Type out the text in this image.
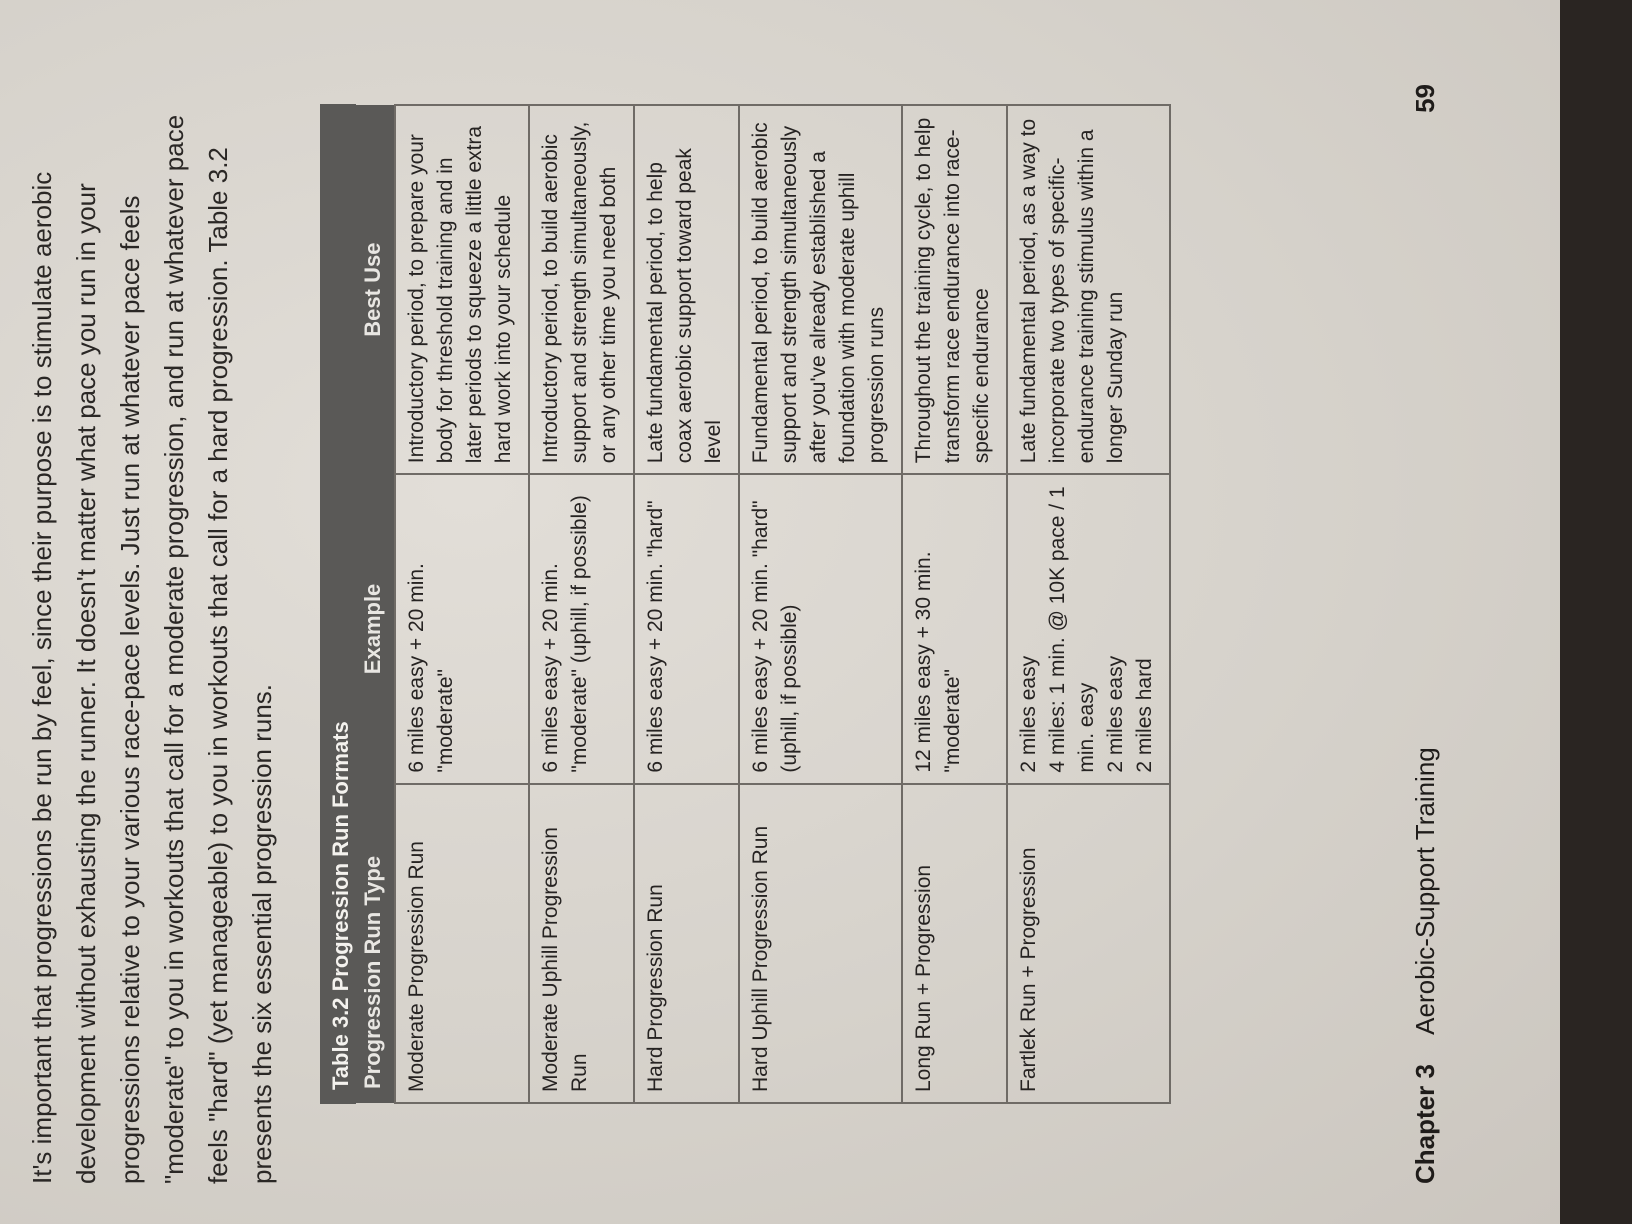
It's important that progressions be run by feel, since their purpose is to stimulate aerobic development without exhausting the runner. It doesn't matter what pace you run in your progressions relative to your various race-pace levels. Just run at whatever pace feels "moderate" to you in workouts that call for a moderate progression, and run at whatever pace feels "hard" (yet manageable) to you in workouts that call for a hard progression. Table 3.2 presents the six essential progression runs.	Table 3.2 Progression Run Formats Progression Run Type	Example	Best Use
Moderate Progression Run	6 miles easy + 20 min. "moderate"	Introductory period, to prepare your body for threshold training and in later periods to squeeze a little extra hard work into your schedule
Moderate Uphill Progression Run	6 miles easy + 20 min. "moderate" (uphill, if possible)	Introductory period, to build aerobic support and strength simultaneously, or any other time you need both
Hard Progression Run	6 miles easy + 20 min. "hard"	Late fundamental period, to help coax aerobic support toward peak level
Hard Uphill Progression Run	6 miles easy + 20 min. "hard" (uphill, if possible)	Fundamental period, to build aerobic support and strength simultaneously after you've already established a foundation with moderate uphill progression runs
Long Run + Progression	12 miles easy + 30 min. "moderate"	Throughout the training cycle, to help transform race endurance into race-specific endurance
Fartlek Run + Progression	2 miles easy 4 miles: 1 min. @ 10K pace / 1 min. easy 2 miles easy 2 miles hard	Late fundamental period, as a way to incorporate two types of specific-endurance training stimulus within a longer Sunday run
Chapter 3 Aerobic-Support Training
59
